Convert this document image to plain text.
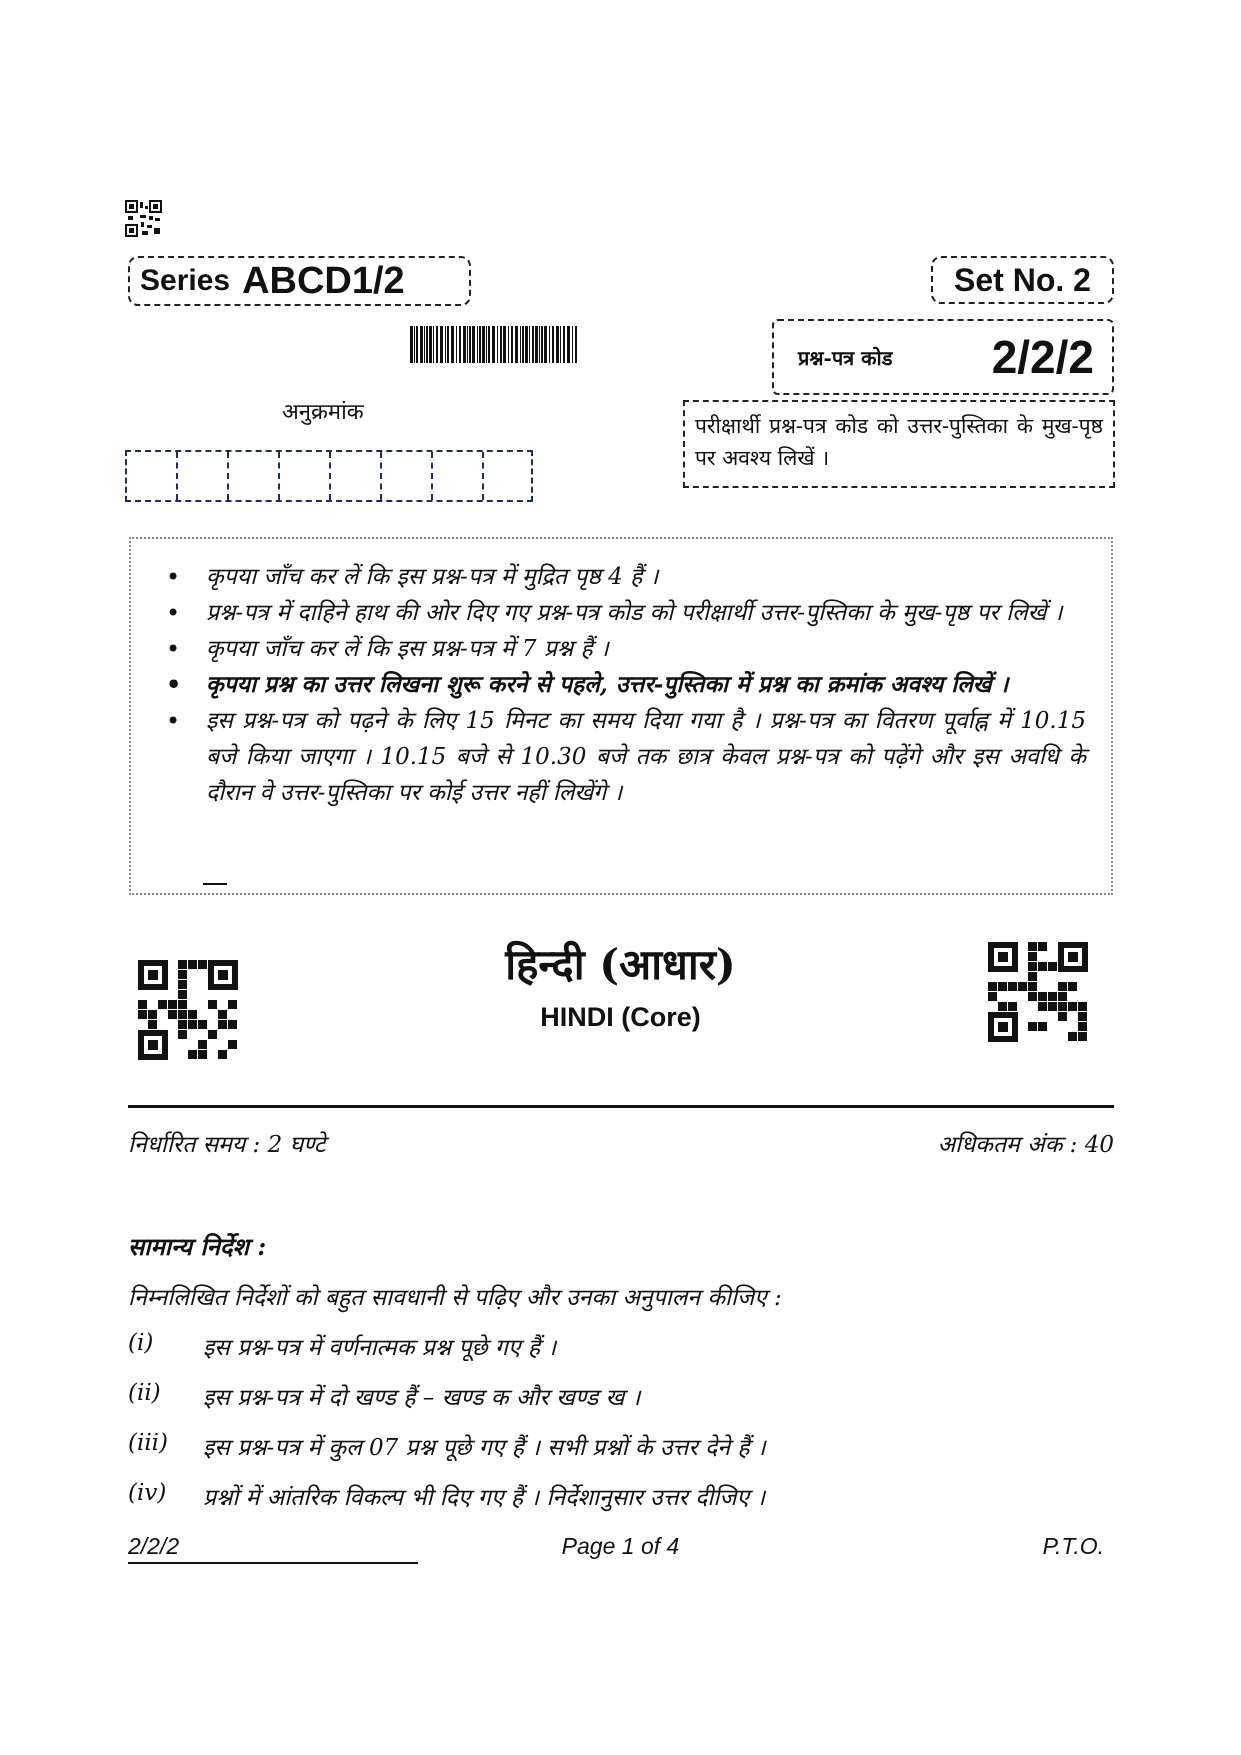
Series ABCD1/2	Set No. 2
प्रश्न-पत्र कोड 2/2/2
अनुक्रमांक
परीक्षार्थी प्रश्न-पत्र कोड को उत्तर-पुस्तिका के मुख-पृष्ठ पर अवश्य लिखें ।
• कृपया जाँच कर लें कि इस प्रश्न-पत्र में मुद्रित पृष्ठ 4 हैं ।
• प्रश्न-पत्र में दाहिने हाथ की ओर दिए गए प्रश्न-पत्र कोड को परीक्षार्थी उत्तर-पुस्तिका के मुख-पृष्ठ पर लिखें ।
• कृपया जाँच कर लें कि इस प्रश्न-पत्र में 7 प्रश्न हैं ।
• कृपया प्रश्न का उत्तर लिखना शुरू करने से पहले, उत्तर-पुस्तिका में प्रश्न का क्रमांक अवश्य लिखें ।
• इस प्रश्न-पत्र को पढ़ने के लिए 15 मिनट का समय दिया गया है । प्रश्न-पत्र का वितरण पूर्वाह्न में 10.15 बजे किया जाएगा । 10.15 बजे से 10.30 बजे तक छात्र केवल प्रश्न-पत्र को पढ़ेंगे और इस अवधि के दौरान वे उत्तर-पुस्तिका पर कोई उत्तर नहीं लिखेंगे ।
हिन्दी (आधार)
HINDI (Core)
निर्धारित समय : 2 घण्टे	अधिकतम अंक : 40
सामान्य निर्देश :
निम्नलिखित निर्देशों को बहुत सावधानी से पढ़िए और उनका अनुपालन कीजिए :
(i) इस प्रश्न-पत्र में वर्णनात्मक प्रश्न पूछे गए हैं ।
(ii) इस प्रश्न-पत्र में दो खण्ड हैं – खण्ड क और खण्ड ख ।
(iii) इस प्रश्न-पत्र में कुल 07 प्रश्न पूछे गए हैं । सभी प्रश्नों के उत्तर देने हैं ।
(iv) प्रश्नों में आंतरिक विकल्प भी दिए गए हैं । निर्देशानुसार उत्तर दीजिए ।
2/2/2	Page 1 of 4	P.T.O.
